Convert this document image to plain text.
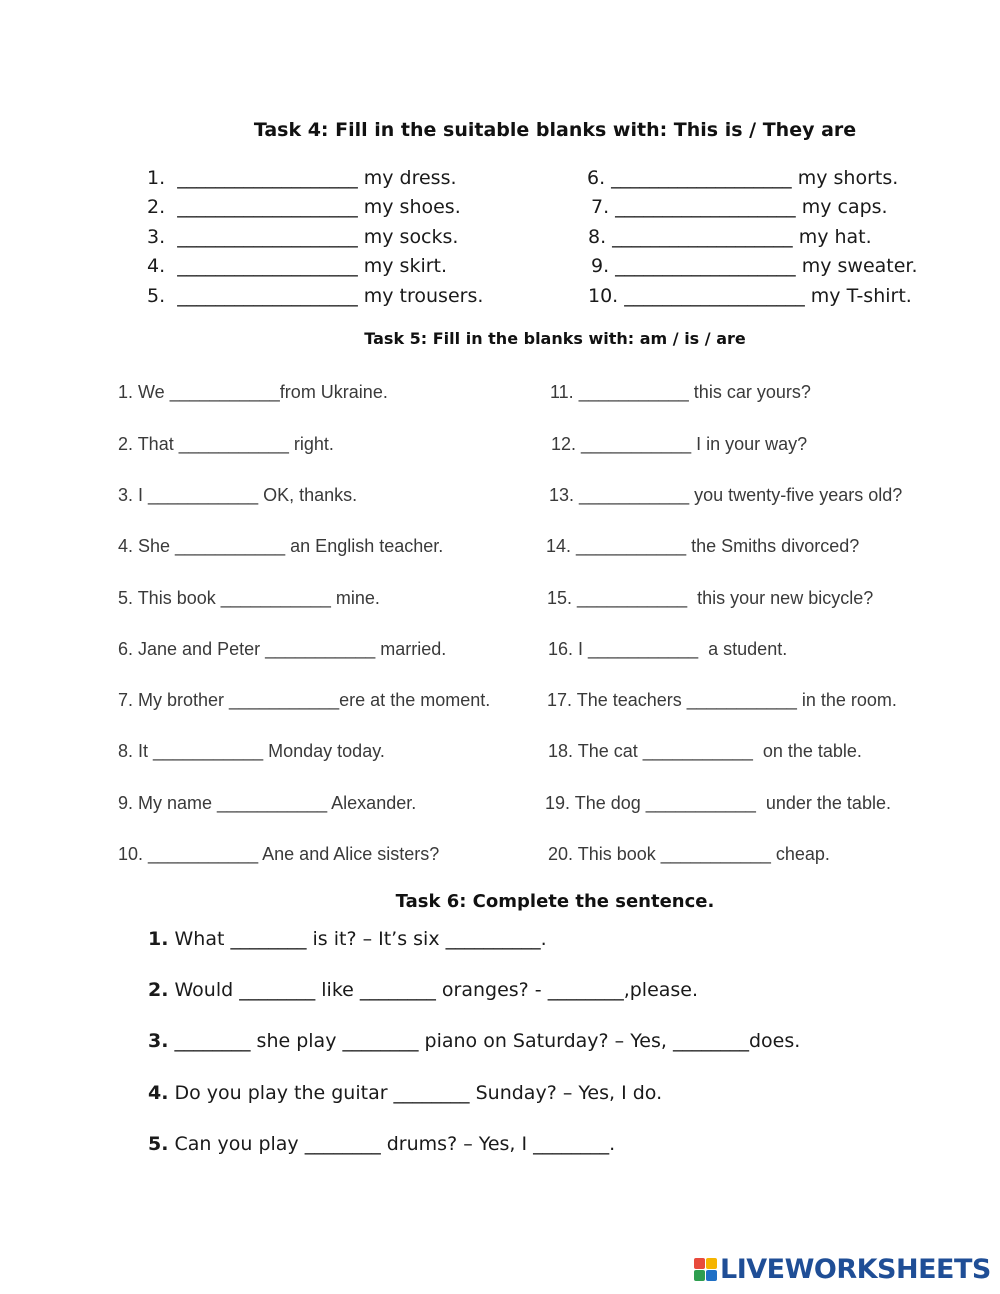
Task 4: Fill in the suitable blanks with: This is / They are
1.  ___________________ my dress.
2.  ___________________ my shoes.
3.  ___________________ my socks.
4.  ___________________ my skirt.
5.  ___________________ my trousers.
6. ___________________ my shorts.
7. ___________________ my caps.
8. ___________________ my hat.
9. ___________________ my sweater.
10. ___________________ my T-shirt.
Task 5: Fill in the blanks with: am / is / are
1. We ___________from Ukraine.
2. That ___________ right.
3. I ___________ OK, thanks.
4. She ___________ an English teacher.
5. This book ___________ mine.
6. Jane and Peter ___________ married.
7. My brother ___________ere at the moment.
8. It ___________ Monday today.
9. My name ___________ Alexander.
10. ___________ Ane and Alice sisters?
11. ___________ this car yours?
12. ___________ I in your way?
13. ___________ you twenty-five years old?
14. ___________ the Smiths divorced?
15. ___________  this your new bicycle?
16. I ___________  a student.
17. The teachers ___________ in the room.
18. The cat ___________  on the table.
19. The dog ___________  under the table.
20. This book ___________ cheap.
Task 6: Complete the sentence.
1. What ________ is it? – It’s six __________.
2. Would ________ like ________ oranges? - ________,please.
3. ________ she play ________ piano on Saturday? – Yes, ________does.
4. Do you play the guitar ________ Sunday? – Yes, I do.
5. Can you play ________ drums? – Yes, I ________.
LIVEWORKSHEETS
